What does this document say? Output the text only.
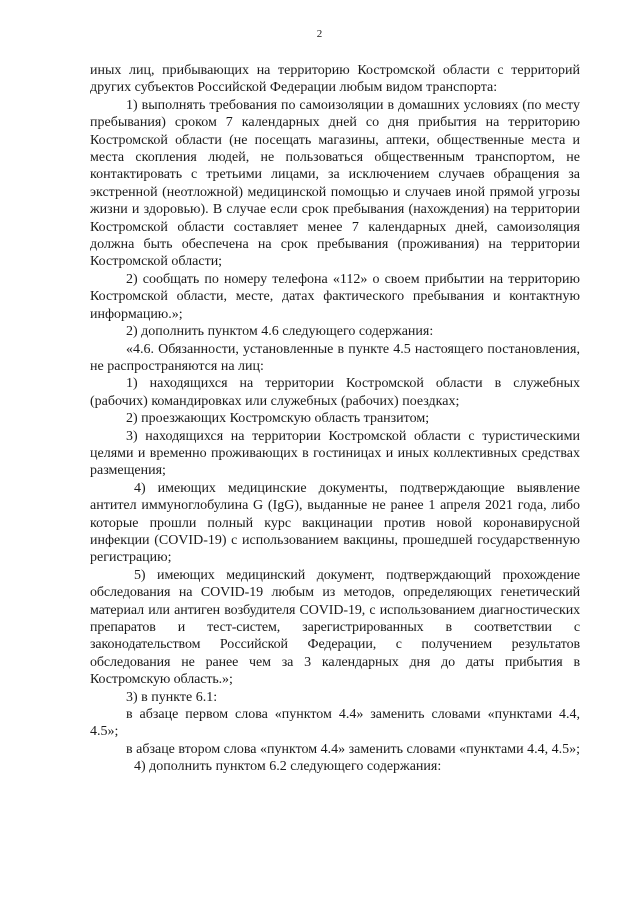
2

иных лиц, прибывающих на территорию Костромской области с территорий других субъектов Российской Федерации любым видом транспорта:

1) выполнять требования по самоизоляции в домашних условиях (по месту пребывания) сроком 7 календарных дней со дня прибытия на территорию Костромской области (не посещать магазины, аптеки, общественные места и места скопления людей, не пользоваться общественным транспортом, не контактировать с третьими лицами, за исключением случаев обращения за экстренной (неотложной) медицинской помощью и случаев иной прямой угрозы жизни и здоровью). В случае если срок пребывания (нахождения) на территории Костромской области составляет менее 7 календарных дней, самоизоляция должна быть обеспечена на срок пребывания (проживания) на территории Костромской области;

2) сообщать по номеру телефона «112» о своем прибытии на территорию Костромской области, месте, датах фактического пребывания и контактную информацию.»;

2) дополнить пунктом 4.6 следующего содержания:

«4.6. Обязанности, установленные в пункте 4.5 настоящего постановления, не распространяются на лиц:

1) находящихся на территории Костромской области в служебных (рабочих) командировках или служебных (рабочих) поездках;

2) проезжающих Костромскую область транзитом;

3) находящихся на территории Костромской области с туристическими целями и временно проживающих в гостиницах и иных коллективных средствах размещения;

4) имеющих медицинские документы, подтверждающие выявление антител иммуноглобулина G (IgG), выданные не ранее 1 апреля 2021 года, либо которые прошли полный курс вакцинации против новой коронавирусной инфекции (COVID-19) с использованием вакцины, прошедшей государственную регистрацию;

5) имеющих медицинский документ, подтверждающий прохождение обследования на COVID-19 любым из методов, определяющих генетический материал или антиген возбудителя COVID-19, с использованием диагностических препаратов и тест-систем, зарегистрированных в соответствии с законодательством Российской Федерации, с получением результатов обследования не ранее чем за 3 календарных дня до даты прибытия в Костромскую область.»;

3) в пункте 6.1:

в абзаце первом слова «пунктом 4.4» заменить словами «пунктами 4.4, 4.5»;

в абзаце втором слова «пунктом 4.4» заменить словами «пунктами 4.4, 4.5»;

4) дополнить пунктом 6.2 следующего содержания:
